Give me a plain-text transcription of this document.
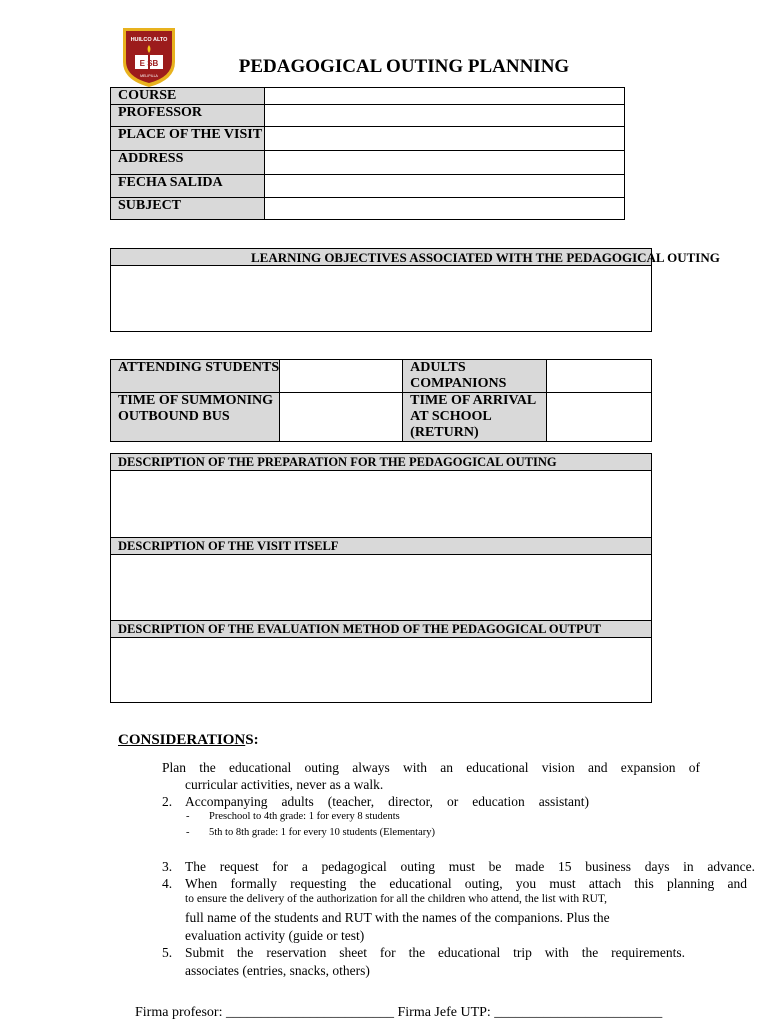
HUILCO ALTO
E SB
MELIPILLA	PEDAGOGICAL OUTING PLANNING
COURSE	
PROFESSOR	
PLACE OF THE VISIT	
ADDRESS	
FECHA SALIDA	
SUBJECT	
LEARNING OBJECTIVES ASSOCIATED WITH THE PEDAGOGICAL OUTING
ATTENDING STUDENTS		ADULTS COMPANIONS	
TIME OF SUMMONING OUTBOUND BUS		TIME OF ARRIVAL AT SCHOOL (RETURN)	
DESCRIPTION OF THE PREPARATION FOR THE PEDAGOGICAL OUTING
DESCRIPTION OF THE VISIT ITSELF
DESCRIPTION OF THE EVALUATION METHOD OF THE PEDAGOGICAL OUTPUT
CONSIDERATIONS:
Plan the educational outing always with an educational vision and expansion of
curricular activities, never as a walk.
2. Accompanying adults (teacher, director, or education assistant)
- Preschool to 4th grade: 1 for every 8 students
- 5th to 8th grade: 1 for every 10 students (Elementary)
3. The request for a pedagogical outing must be made 15 business days in advance.
4. When formally requesting the educational outing, you must attach this planning and
to ensure the delivery of the authorization for all the children who attend, the list with RUT,
full name of the students and RUT with the names of the companions. Plus the
evaluation activity (guide or test)
5. Submit the reservation sheet for the educational trip with the requirements.
associates (entries, snacks, others)
Firma profesor: ________________________ Firma Jefe UTP: ________________________
